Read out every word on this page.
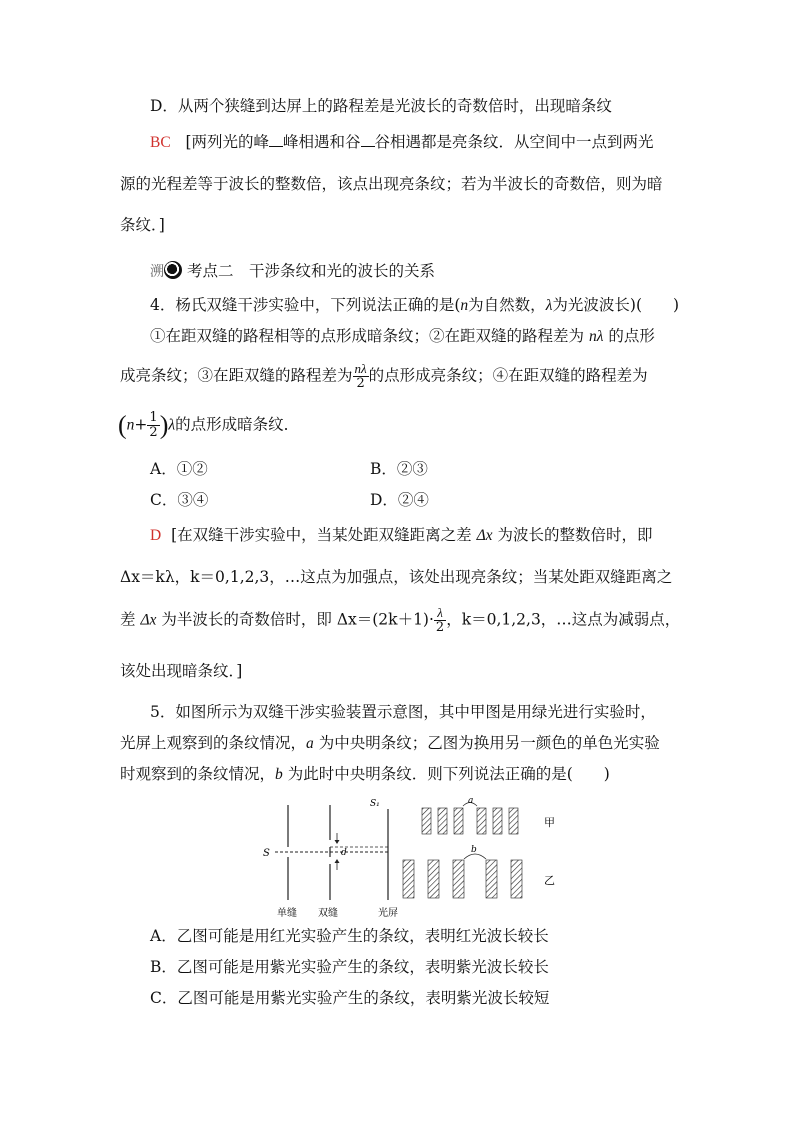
D．从两个狭缝到达屏上的路程差是光波长的奇数倍时，出现暗条纹
BC [两列光的峰 峰相遇和谷 谷相遇都是亮条纹．从空间中一点到两光
源的光程差等于波长的整数倍，该点出现亮条纹；若为半波长的奇数倍，则为暗
条纹．]
溯 考点二　干涉条纹和光的波长的关系
4．杨氏双缝干涉实验中，下列说法正确的是(n为自然数，λ为光波波长)(　　)
①在距双缝的路程相等的点形成暗条纹；②在距双缝的路程差为 nλ 的点形
成亮条纹；③在距双缝的路程差为 $\frac{n\lambda}{2}$ 的点形成亮条纹；④在距双缝的路程差为
$(n+ \frac{1}{2} )\lambda$的点形成暗条纹．
A．①②	B．②③
C．③④	D．②④
D [在双缝干涉实验中，当某处距双缝距离之差 Δx 为波长的整数倍时，即
Δx＝kλ，k＝0,1,2,3，…这点为加强点，该处出现亮条纹；当某处距双缝距离之
差 Δx 为半波长的奇数倍时，即 $\Delta x=(2k+1)\cdot \frac{\lambda}{2}$ ，k＝0,1,2,3，…这点为减弱点，
该处出现暗条纹．]
5．如图所示为双缝干涉实验装置示意图，其中甲图是用绿光进行实验时，
光屏上观察到的条纹情况，a 为中央明条纹；乙图为换用另一颜色的单色光实验
时观察到的条纹情况，b 为此时中央明条纹．则下列说法正确的是(　　)
S
S₁
d
a
b
甲
乙
单缝 双缝	光屏
A．乙图可能是用红光实验产生的条纹，表明红光波长较长
B．乙图可能是用紫光实验产生的条纹，表明紫光波长较长
C．乙图可能是用紫光实验产生的条纹，表明紫光波长较短
